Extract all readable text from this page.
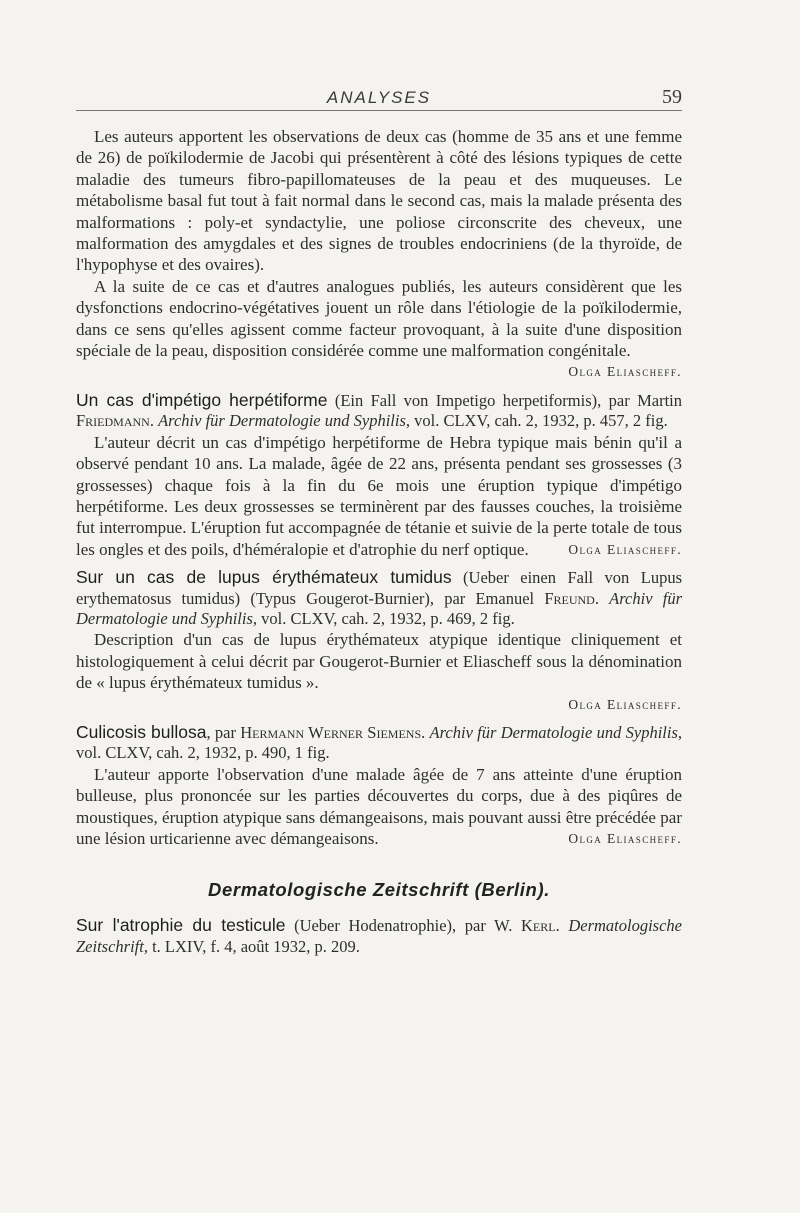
ANALYSES	59

Les auteurs apportent les observations de deux cas (homme de 35 ans et une femme de 26) de poïkilodermie de Jacobi qui présentèrent à côté des lésions typiques de cette maladie des tumeurs fibro-papillomateuses de la peau et des muqueuses. Le métabolisme basal fut tout à fait normal dans le second cas, mais la malade présenta des malformations : poly-et syndactylie, une poliose circonscrite des cheveux, une malformation des amygdales et des signes de troubles endocriniens (de la thyroïde, de l'hypophyse et des ovaires).

A la suite de ce cas et d'autres analogues publiés, les auteurs considèrent que les dysfonctions endocrino-végétatives jouent un rôle dans l'étiologie de la poïkilodermie, dans ce sens qu'elles agissent comme facteur provoquant, à la suite d'une disposition spéciale de la peau, disposition considérée comme une malformation congénitale.

Olga Eliascheff.

Un cas d'impétigo herpétiforme (Ein Fall von Impetigo herpetiformis), par Martin Friedmann. Archiv für Dermatologie und Syphilis, vol. CLXV, cah. 2, 1932, p. 457, 2 fig.

L'auteur décrit un cas d'impétigo herpétiforme de Hebra typique mais bénin qu'il a observé pendant 10 ans. La malade, âgée de 22 ans, présenta pendant ses grossesses (3 grossesses) chaque fois à la fin du 6e mois une éruption typique d'impétigo herpétiforme. Les deux grossesses se terminèrent par des fausses couches, la troisième fut interrompue. L'éruption fut accompagnée de tétanie et suivie de la perte totale de tous les ongles et des poils, d'héméralopie et d'atrophie du nerf optique.	Olga Eliascheff.

Sur un cas de lupus érythémateux tumidus (Ueber einen Fall von Lupus erythematosus tumidus) (Typus Gougerot-Burnier), par Emanuel Freund. Archiv für Dermatologie und Syphilis, vol. CLXV, cah. 2, 1932, p. 469, 2 fig.

Description d'un cas de lupus érythémateux atypique identique cliniquement et histologiquement à celui décrit par Gougerot-Burnier et Eliascheff sous la dénomination de « lupus érythémateux tumidus ».

Olga Eliascheff.

Culicosis bullosa, par Hermann Werner Siemens. Archiv für Dermatologie und Syphilis, vol. CLXV, cah. 2, 1932, p. 490, 1 fig.

L'auteur apporte l'observation d'une malade âgée de 7 ans atteinte d'une éruption bulleuse, plus prononcée sur les parties découvertes du corps, due à des piqûres de moustiques, éruption atypique sans démangeaisons, mais pouvant aussi être précédée par une lésion urticarienne avec démangeaisons.	Olga Eliascheff.

Dermatologische Zeitschrift (Berlin).

Sur l'atrophie du testicule (Ueber Hodenatrophie), par W. Kerl. Dermatologische Zeitschrift, t. LXIV, f. 4, août 1932, p. 209.
